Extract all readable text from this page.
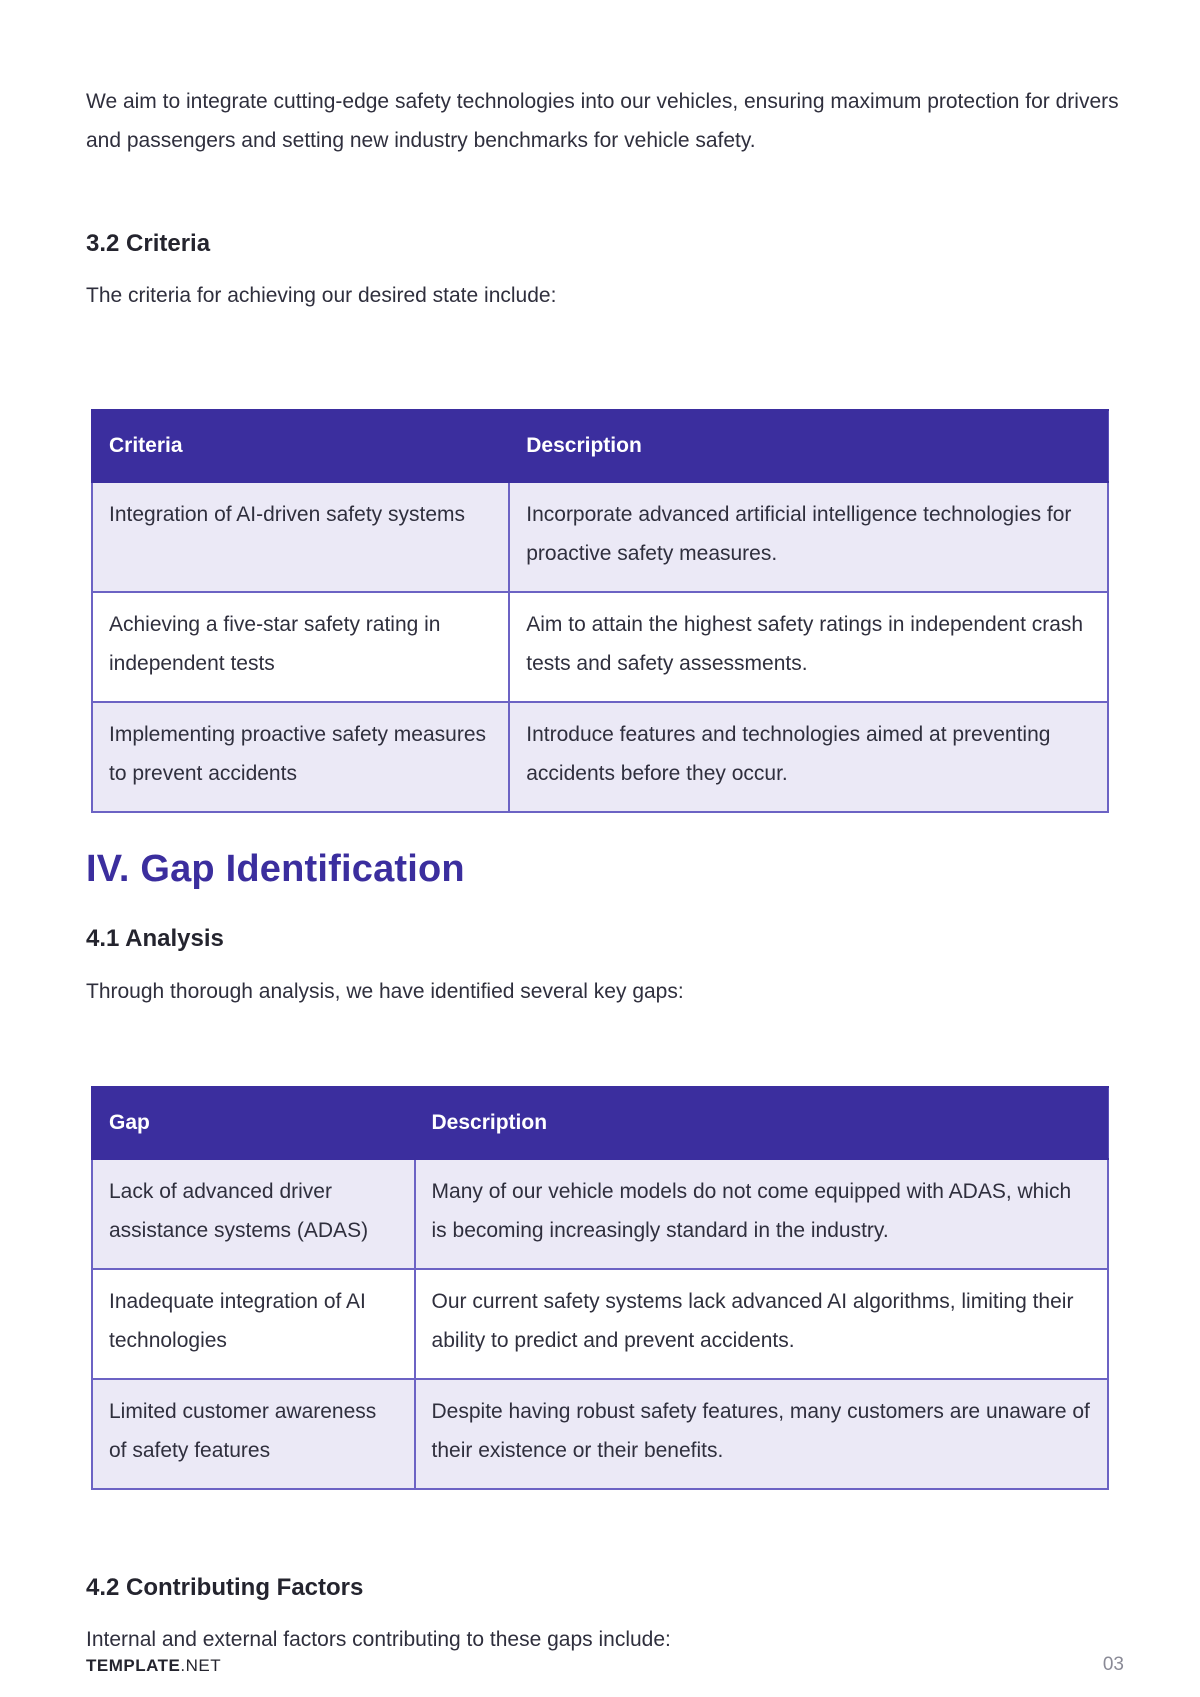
We aim to integrate cutting-edge safety technologies into our vehicles, ensuring maximum protection for drivers and passengers and setting new industry benchmarks for vehicle safety.

3.2 Criteria

The criteria for achieving our desired state include:

Criteria	Description
Integration of AI-driven safety systems	Incorporate advanced artificial intelligence technologies for proactive safety measures.
Achieving a five-star safety rating in independent tests	Aim to attain the highest safety ratings in independent crash tests and safety assessments.
Implementing proactive safety measures to prevent accidents	Introduce features and technologies aimed at preventing accidents before they occur.
IV. Gap Identification
4.1 Analysis

Through thorough analysis, we have identified several key gaps:

Gap	Description
Lack of advanced driver assistance systems (ADAS)	Many of our vehicle models do not come equipped with ADAS, which is becoming increasingly standard in the industry.
Inadequate integration of AI technologies	Our current safety systems lack advanced AI algorithms, limiting their ability to predict and prevent accidents.
Limited customer awareness of safety features	Despite having robust safety features, many customers are unaware of their existence or their benefits.
4.2 Contributing Factors

Internal and external factors contributing to these gaps include:

TEMPLATE.NET	03
